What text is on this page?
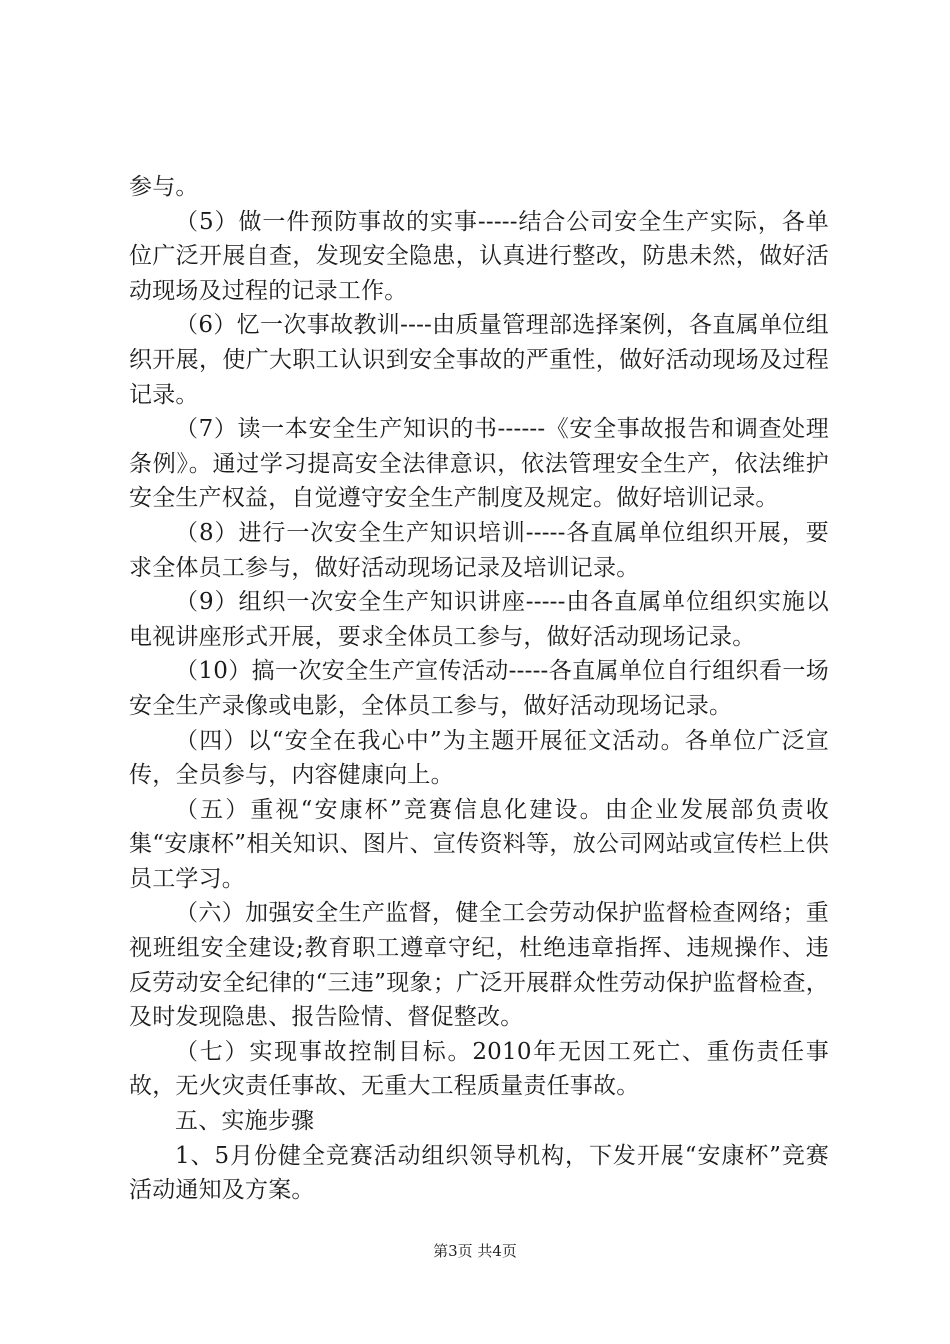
参与。

（5）做一件预防事故的实事-----结合公司安全生产实际，各单位广泛开展自查，发现安全隐患，认真进行整改，防患未然，做好活动现场及过程的记录工作。

（6）忆一次事故教训----由质量管理部选择案例，各直属单位组织开展，使广大职工认识到安全事故的严重性，做好活动现场及过程记录。

（7）读一本安全生产知识的书------《安全事故报告和调查处理条例》。通过学习提高安全法律意识，依法管理安全生产，依法维护安全生产权益，自觉遵守安全生产制度及规定。做好培训记录。

（8）进行一次安全生产知识培训-----各直属单位组织开展，要求全体员工参与，做好活动现场记录及培训记录。

（9）组织一次安全生产知识讲座-----由各直属单位组织实施以电视讲座形式开展，要求全体员工参与，做好活动现场记录。

（10）搞一次安全生产宣传活动-----各直属单位自行组织看一场安全生产录像或电影，全体员工参与，做好活动现场记录。

（四）以“安全在我心中”为主题开展征文活动。各单位广泛宣传，全员参与，内容健康向上。

（五）重视“安康杯”竞赛信息化建设。由企业发展部负责收集“安康杯”相关知识、图片、宣传资料等，放公司网站或宣传栏上供员工学习。

（六）加强安全生产监督，健全工会劳动保护监督检查网络；重视班组安全建设;教育职工遵章守纪，杜绝违章指挥、违规操作、违反劳动安全纪律的“三违”现象；广泛开展群众性劳动保护监督检查，及时发现隐患、报告险情、督促整改。

（七）实现事故控制目标。2010年无因工死亡、重伤责任事故，无火灾责任事故、无重大工程质量责任事故。

五、实施步骤

1、5月份健全竞赛活动组织领导机构，下发开展“安康杯”竞赛活动通知及方案。

第3页 共4页
